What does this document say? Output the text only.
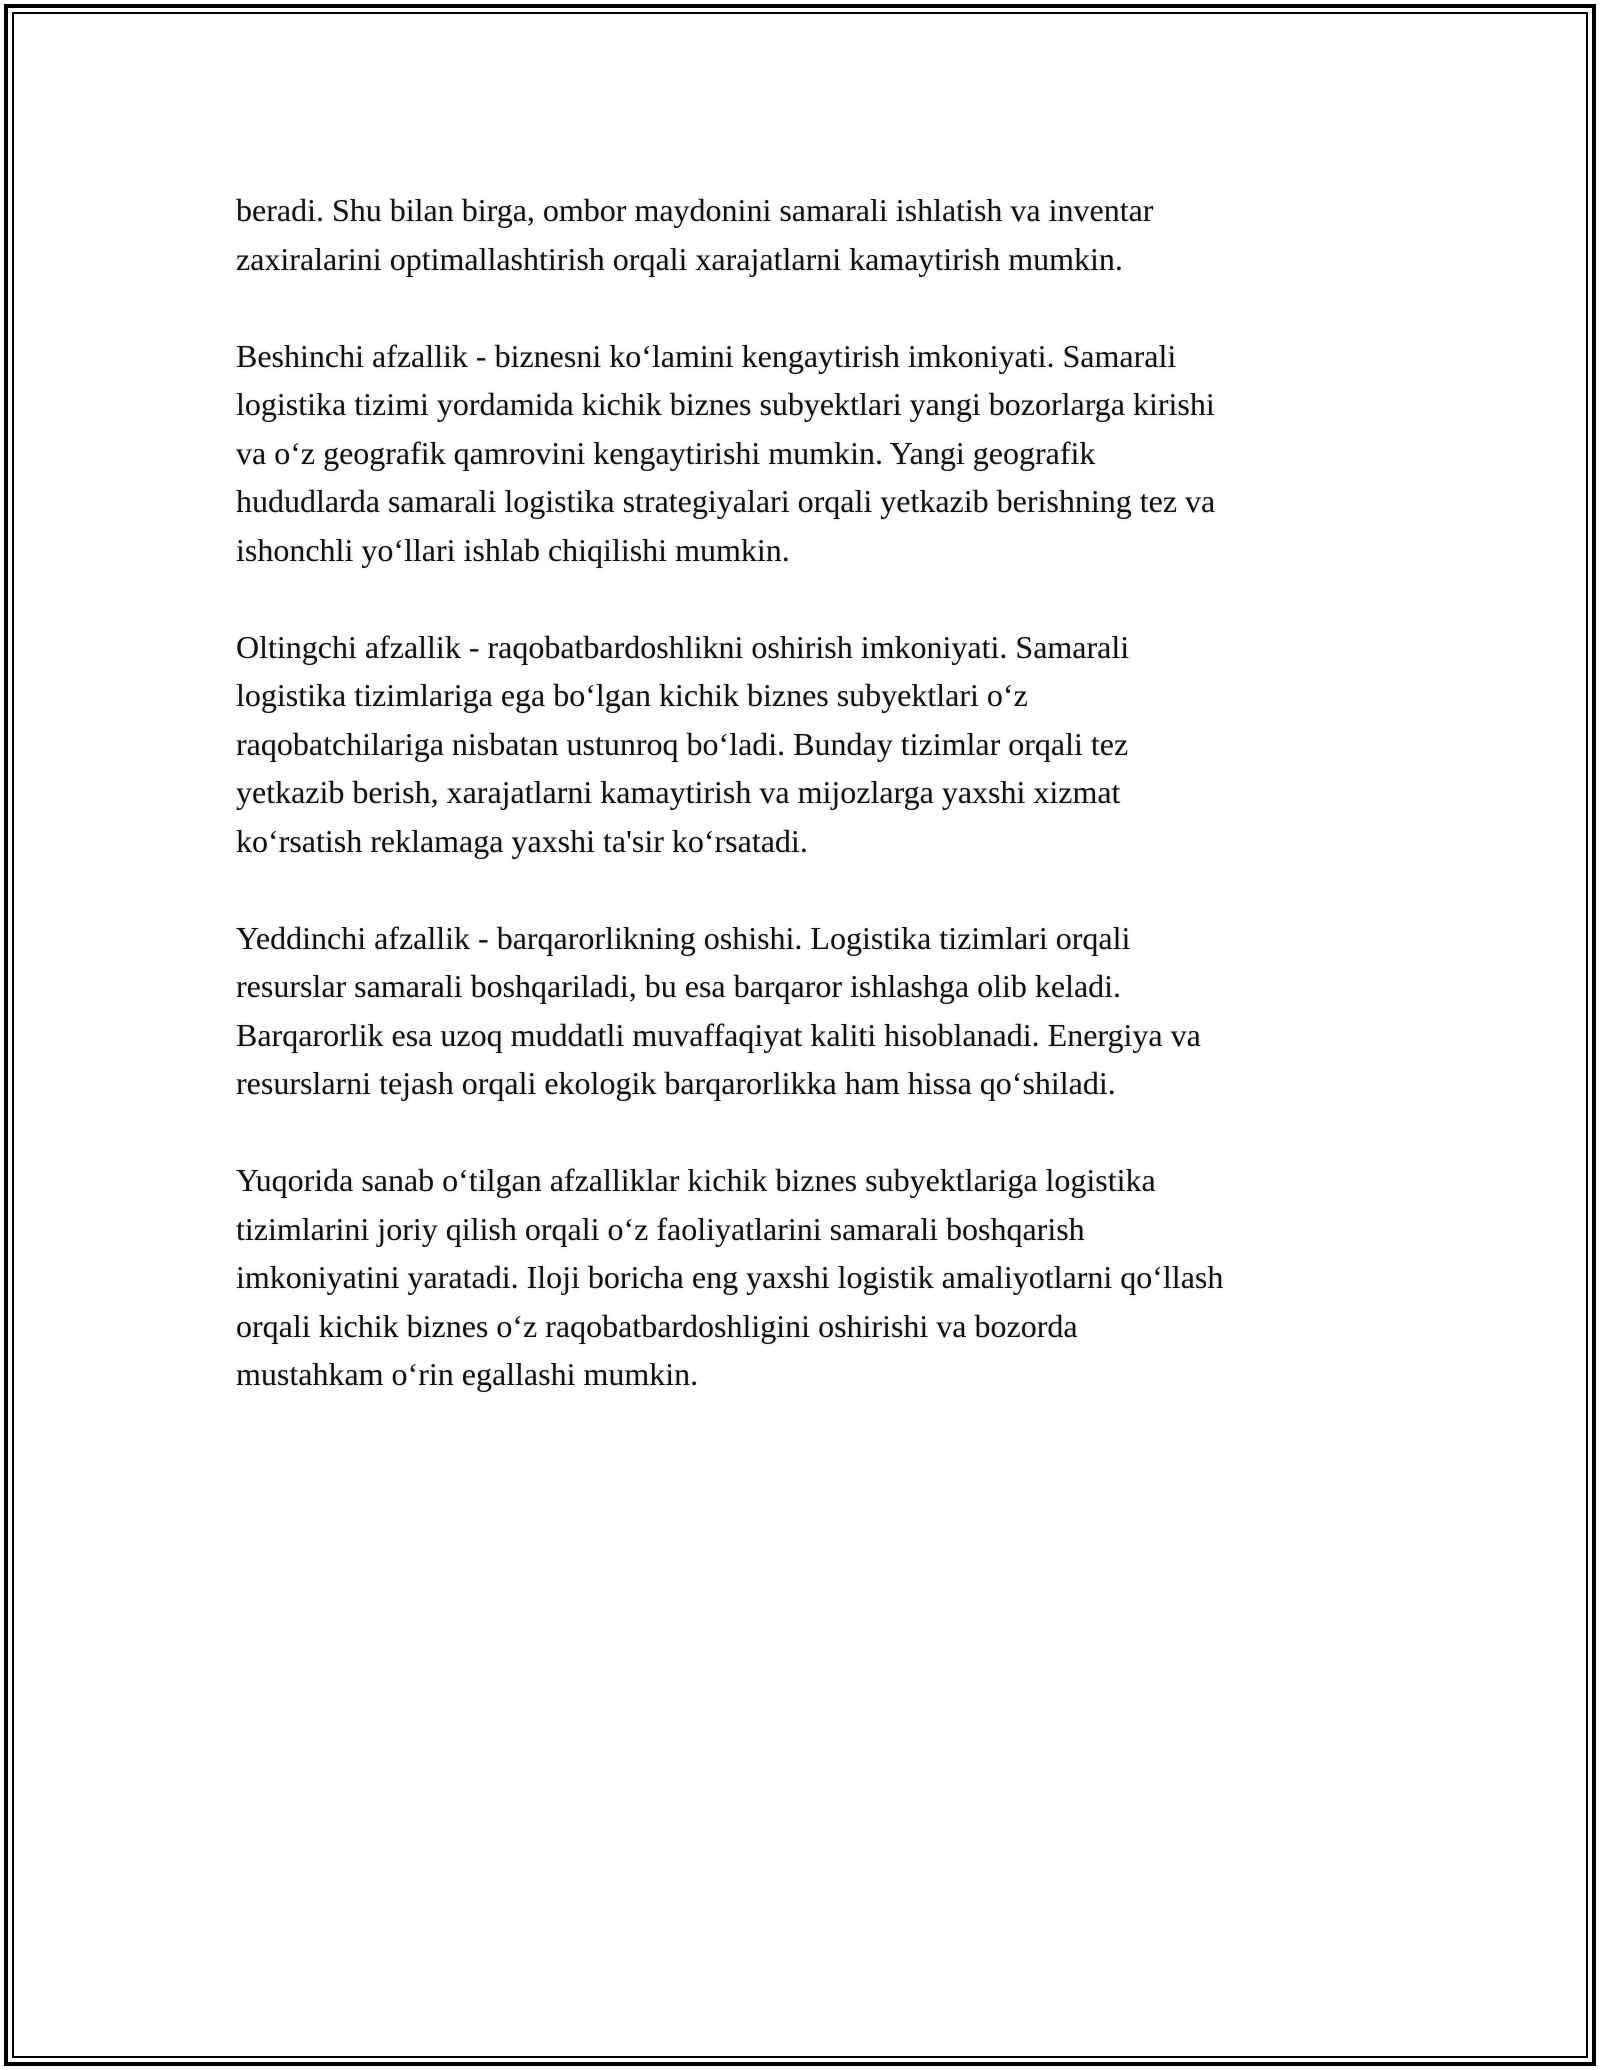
beradi. Shu bilan birga, ombor maydonini samarali ishlatish va inventar
zaxiralarini optimallashtirish orqali xarajatlarni kamaytirish mumkin.

Beshinchi afzallik - biznesni ko‘lamini kengaytirish imkoniyati. Samarali
logistika tizimi yordamida kichik biznes subyektlari yangi bozorlarga kirishi
va o‘z geografik qamrovini kengaytirishi mumkin. Yangi geografik
hududlarda samarali logistika strategiyalari orqali yetkazib berishning tez va
ishonchli yo‘llari ishlab chiqilishi mumkin.

Oltingchi afzallik - raqobatbardoshlikni oshirish imkoniyati. Samarali
logistika tizimlariga ega bo‘lgan kichik biznes subyektlari o‘z
raqobatchilariga nisbatan ustunroq bo‘ladi. Bunday tizimlar orqali tez
yetkazib berish, xarajatlarni kamaytirish va mijozlarga yaxshi xizmat
ko‘rsatish reklamaga yaxshi ta'sir ko‘rsatadi.

Yeddinchi afzallik - barqarorlikning oshishi. Logistika tizimlari orqali
resurslar samarali boshqariladi, bu esa barqaror ishlashga olib keladi.
Barqarorlik esa uzoq muddatli muvaffaqiyat kaliti hisoblanadi. Energiya va
resurslarni tejash orqali ekologik barqarorlikka ham hissa qo‘shiladi.

Yuqorida sanab o‘tilgan afzalliklar kichik biznes subyektlariga logistika
tizimlarini joriy qilish orqali o‘z faoliyatlarini samarali boshqarish
imkoniyatini yaratadi. Iloji boricha eng yaxshi logistik amaliyotlarni qo‘llash
orqali kichik biznes o‘z raqobatbardoshligini oshirishi va bozorda
mustahkam o‘rin egallashi mumkin.
